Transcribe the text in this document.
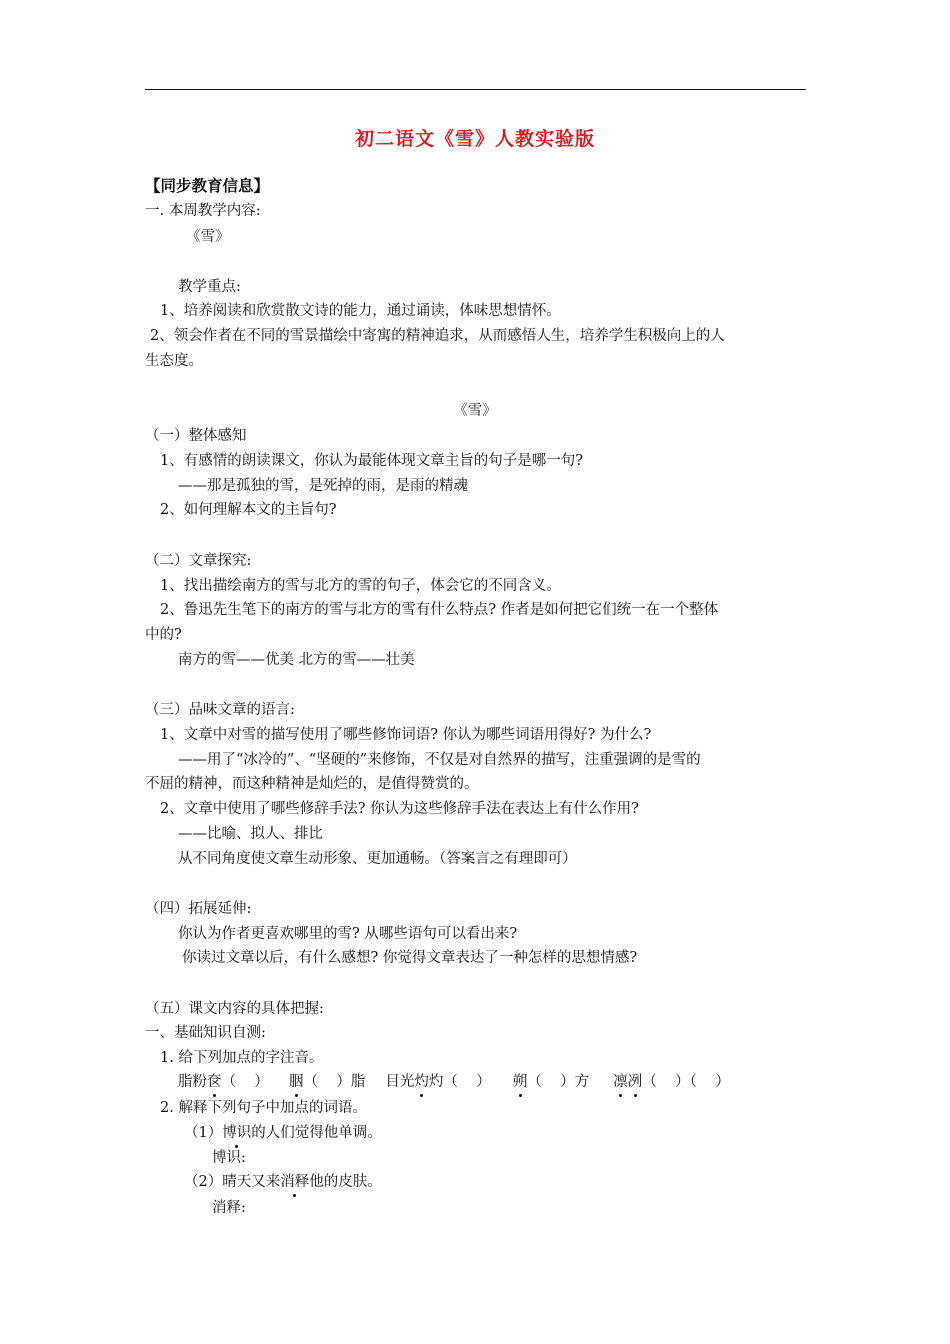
初二语文《雪》人教实验版
【同步教育信息】
一. 本周教学内容:
《雪》
教学重点:
1、培养阅读和欣赏散文诗的能力，通过诵读，体味思想情怀。
2、领会作者在不同的雪景描绘中寄寓的精神追求，从而感悟人生，培养学生积极向上的人
生态度。
《雪》
（一）整体感知
1、有感情的朗读课文，你认为最能体现文章主旨的句子是哪一句?
——那是孤独的雪，是死掉的雨，是雨的精魂
2、如何理解本文的主旨句?
（二）文章探究:
1、找出描绘南方的雪与北方的雪的句子，体会它的不同含义。
2、鲁迅先生笔下的南方的雪与北方的雪有什么特点? 作者是如何把它们统一在一个整体
中的?
南方的雪——优美 北方的雪——壮美
（三）品味文章的语言:
1、文章中对雪的描写使用了哪些修饰词语? 你认为哪些词语用得好? 为什么?
——用了“冰冷的”、“坚硬的”来修饰，不仅是对自然界的描写，注重强调的是雪的
不屈的精神，而这种精神是灿烂的，是值得赞赏的。
2、文章中使用了哪些修辞手法? 你认为这些修辞手法在表达上有什么作用?
——比喻、拟人、排比
从不同角度使文章生动形象、更加通畅。（答案言之有理即可）
（四）拓展延伸:
你认为作者更喜欢哪里的雪? 从哪些语句可以看出来?
你读过文章以后，有什么感想? 你觉得文章表达了一种怎样的思想情感?
（五）课文内容的具体把握:
一、基础知识自测:
1. 给下列加点的字注音。
脂粉奁（    ） 胭（    ）脂 目光灼灼（    ） 朔（    ）方 凛冽（    ）（    ）
2. 解释下列句子中加点的词语。
（1）博识的人们觉得他单调。
博识:
（2）晴天又来消释他的皮肤。
消释:
